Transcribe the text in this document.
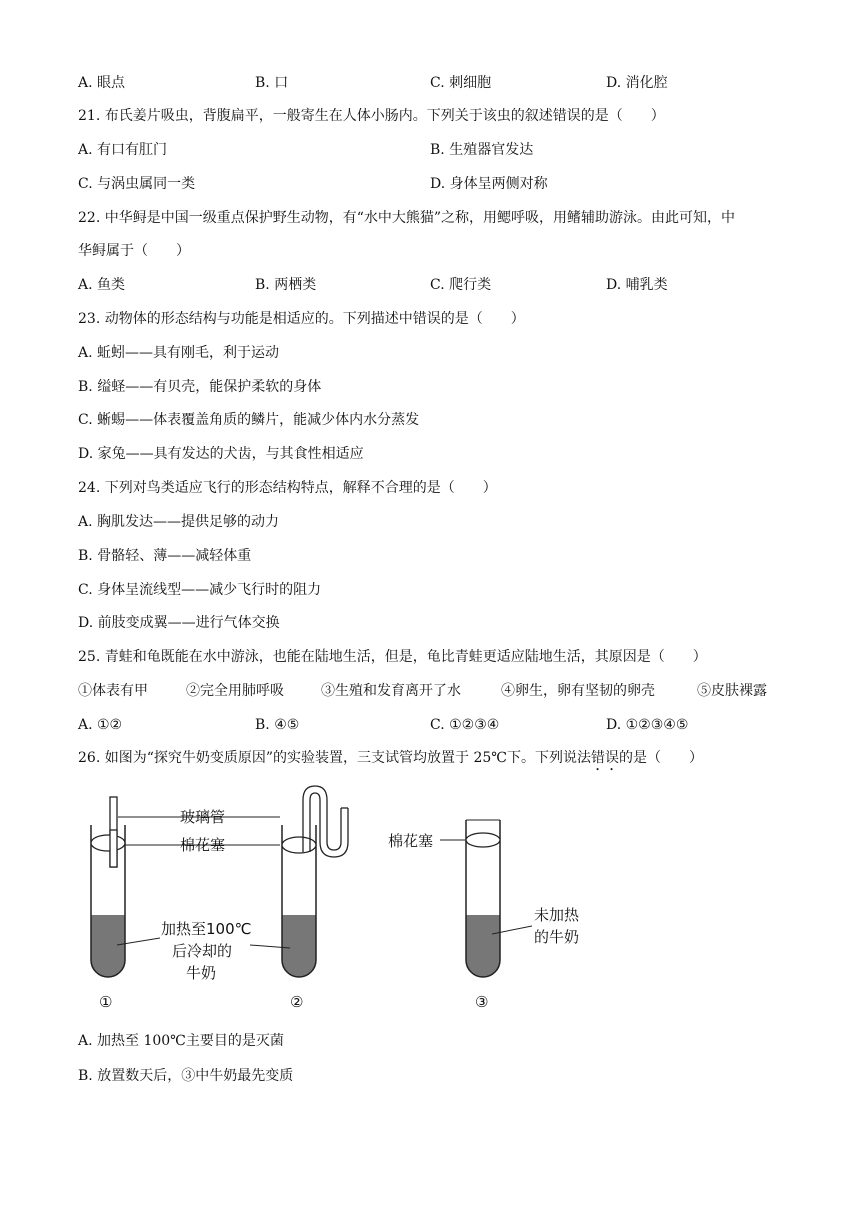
A. 眼点	B. 口	C. 刺细胞	D. 消化腔
21. 布氏姜片吸虫，背腹扁平，一般寄生在人体小肠内。下列关于该虫的叙述错误的是（　　）
A. 有口有肛门	B. 生殖器官发达
C. 与涡虫属同一类	D. 身体呈两侧对称
22. 中华鲟是中国一级重点保护野生动物，有“水中大熊猫”之称，用鳃呼吸，用鳍辅助游泳。由此可知，中
华鲟属于（　　）
A. 鱼类	B. 两栖类	C. 爬行类	D. 哺乳类
23. 动物体的形态结构与功能是相适应的。下列描述中错误的是（　　）
A. 蚯蚓——具有刚毛，利于运动
B. 缢蛏——有贝壳，能保护柔软的身体
C. 蜥蜴——体表覆盖角质的鳞片，能减少体内水分蒸发
D. 家兔——具有发达的犬齿，与其食性相适应
24. 下列对鸟类适应飞行的形态结构特点，解释不合理的是（　　）
A. 胸肌发达——提供足够的动力
B. 骨骼轻、薄——减轻体重
C. 身体呈流线型——减少飞行时的阻力
D. 前肢变成翼——进行气体交换
25. 青蛙和龟既能在水中游泳，也能在陆地生活，但是，龟比青蛙更适应陆地生活，其原因是（　　）
①体表有甲	②完全用肺呼吸	③生殖和发育离开了水	④卵生，卵有坚韧的卵壳	⑤皮肤裸露
A. ①②	B. ④⑤	C. ①②③④	D. ①②③④⑤
26. 如图为“探究牛奶变质原因”的实验装置，三支试管均放置于 25℃下。下列说法错误的是（　　）
玻璃管
棉花塞	棉花塞
加热至100℃
后冷却的
牛奶
未加热
的牛奶
①	②	③
A. 加热至 100℃主要目的是灭菌
B. 放置数天后，③中牛奶最先变质
